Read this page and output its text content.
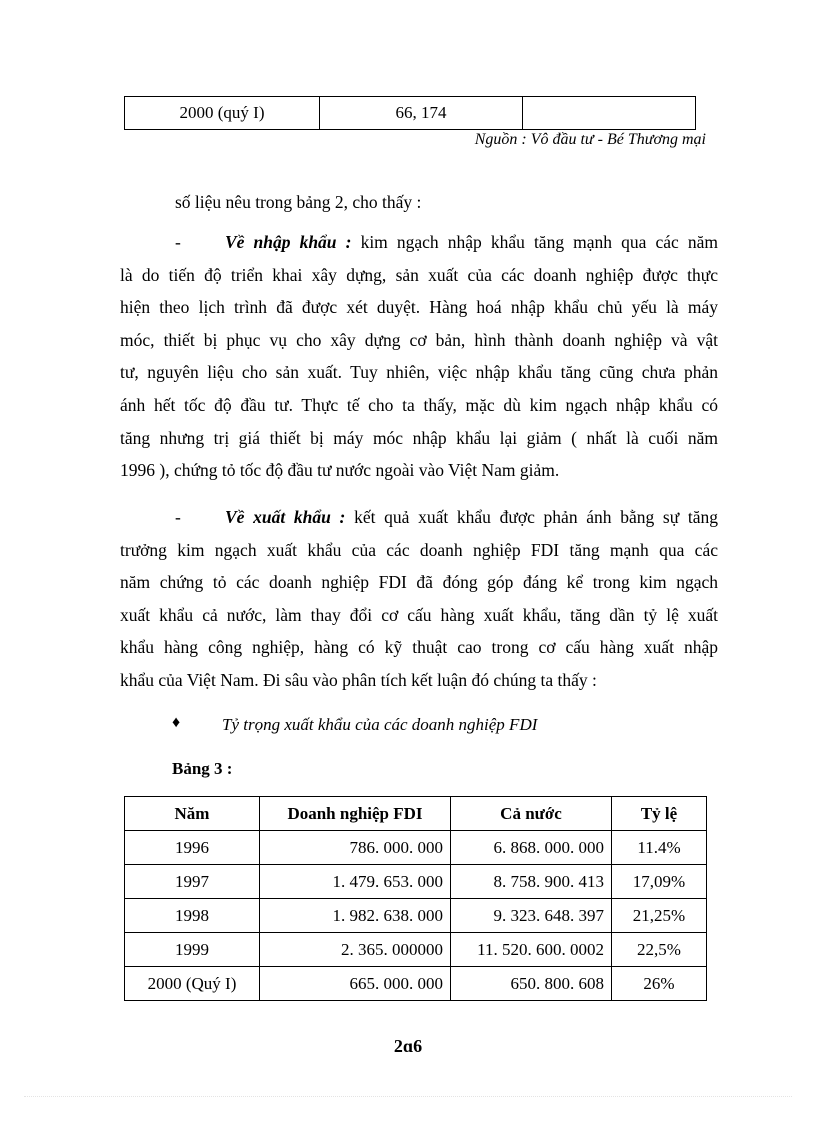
2000 (quý I)	66, 174	
Nguồn : Vô đầu tư - Bé Thương mại
số liệu nêu trong bảng 2, cho thấy :
-	Về nhập khẩu : kim ngạch nhập khẩu tăng mạnh qua các năm
là do tiến độ triển khai xây dựng, sản xuất của các doanh nghiệp được thực
hiện theo lịch trình đã được xét duyệt. Hàng hoá nhập khẩu chủ yếu là máy
móc, thiết bị phục vụ cho xây dựng cơ bản, hình thành doanh nghiệp và vật
tư, nguyên liệu cho sản xuất. Tuy nhiên, việc nhập khẩu tăng cũng chưa phản
ánh hết tốc độ đầu tư. Thực tế cho ta thấy, mặc dù kim ngạch nhập khẩu có
tăng nhưng trị giá thiết bị máy móc nhập khẩu lại giảm ( nhất là cuối năm
1996 ), chứng tỏ tốc độ đầu tư nước ngoài vào Việt Nam giảm.
-	Về xuất khẩu : kết quả xuất khẩu được phản ánh bằng sự tăng
trưởng kim ngạch xuất khẩu của các doanh nghiệp FDI tăng mạnh qua các
năm chứng tỏ các doanh nghiệp FDI đã đóng góp đáng kể trong kim ngạch
xuất khẩu cả nước, làm thay đổi cơ cấu hàng xuất khẩu, tăng dần tỷ lệ xuất
khẩu hàng công nghiệp, hàng có kỹ thuật cao trong cơ cấu hàng xuất nhập
khẩu của Việt Nam. Đi sâu vào phân tích kết luận đó chúng ta thấy :
♦ Tỷ trọng xuất khẩu của các doanh nghiệp FDI
Bảng 3 :
Năm	Doanh nghiệp FDI	Cả nước	Tỷ lệ
1996	786. 000. 000	6. 868. 000. 000	11.4%
1997	1. 479. 653. 000	8. 758. 900. 413	17,09%
1998	1. 982. 638. 000	9. 323. 648. 397	21,25%
1999	2. 365. 000000	11. 520. 600. 0002	22,5%
2000 (Quý I)	665. 000. 000	650. 800. 608	26%
2ɑ6
